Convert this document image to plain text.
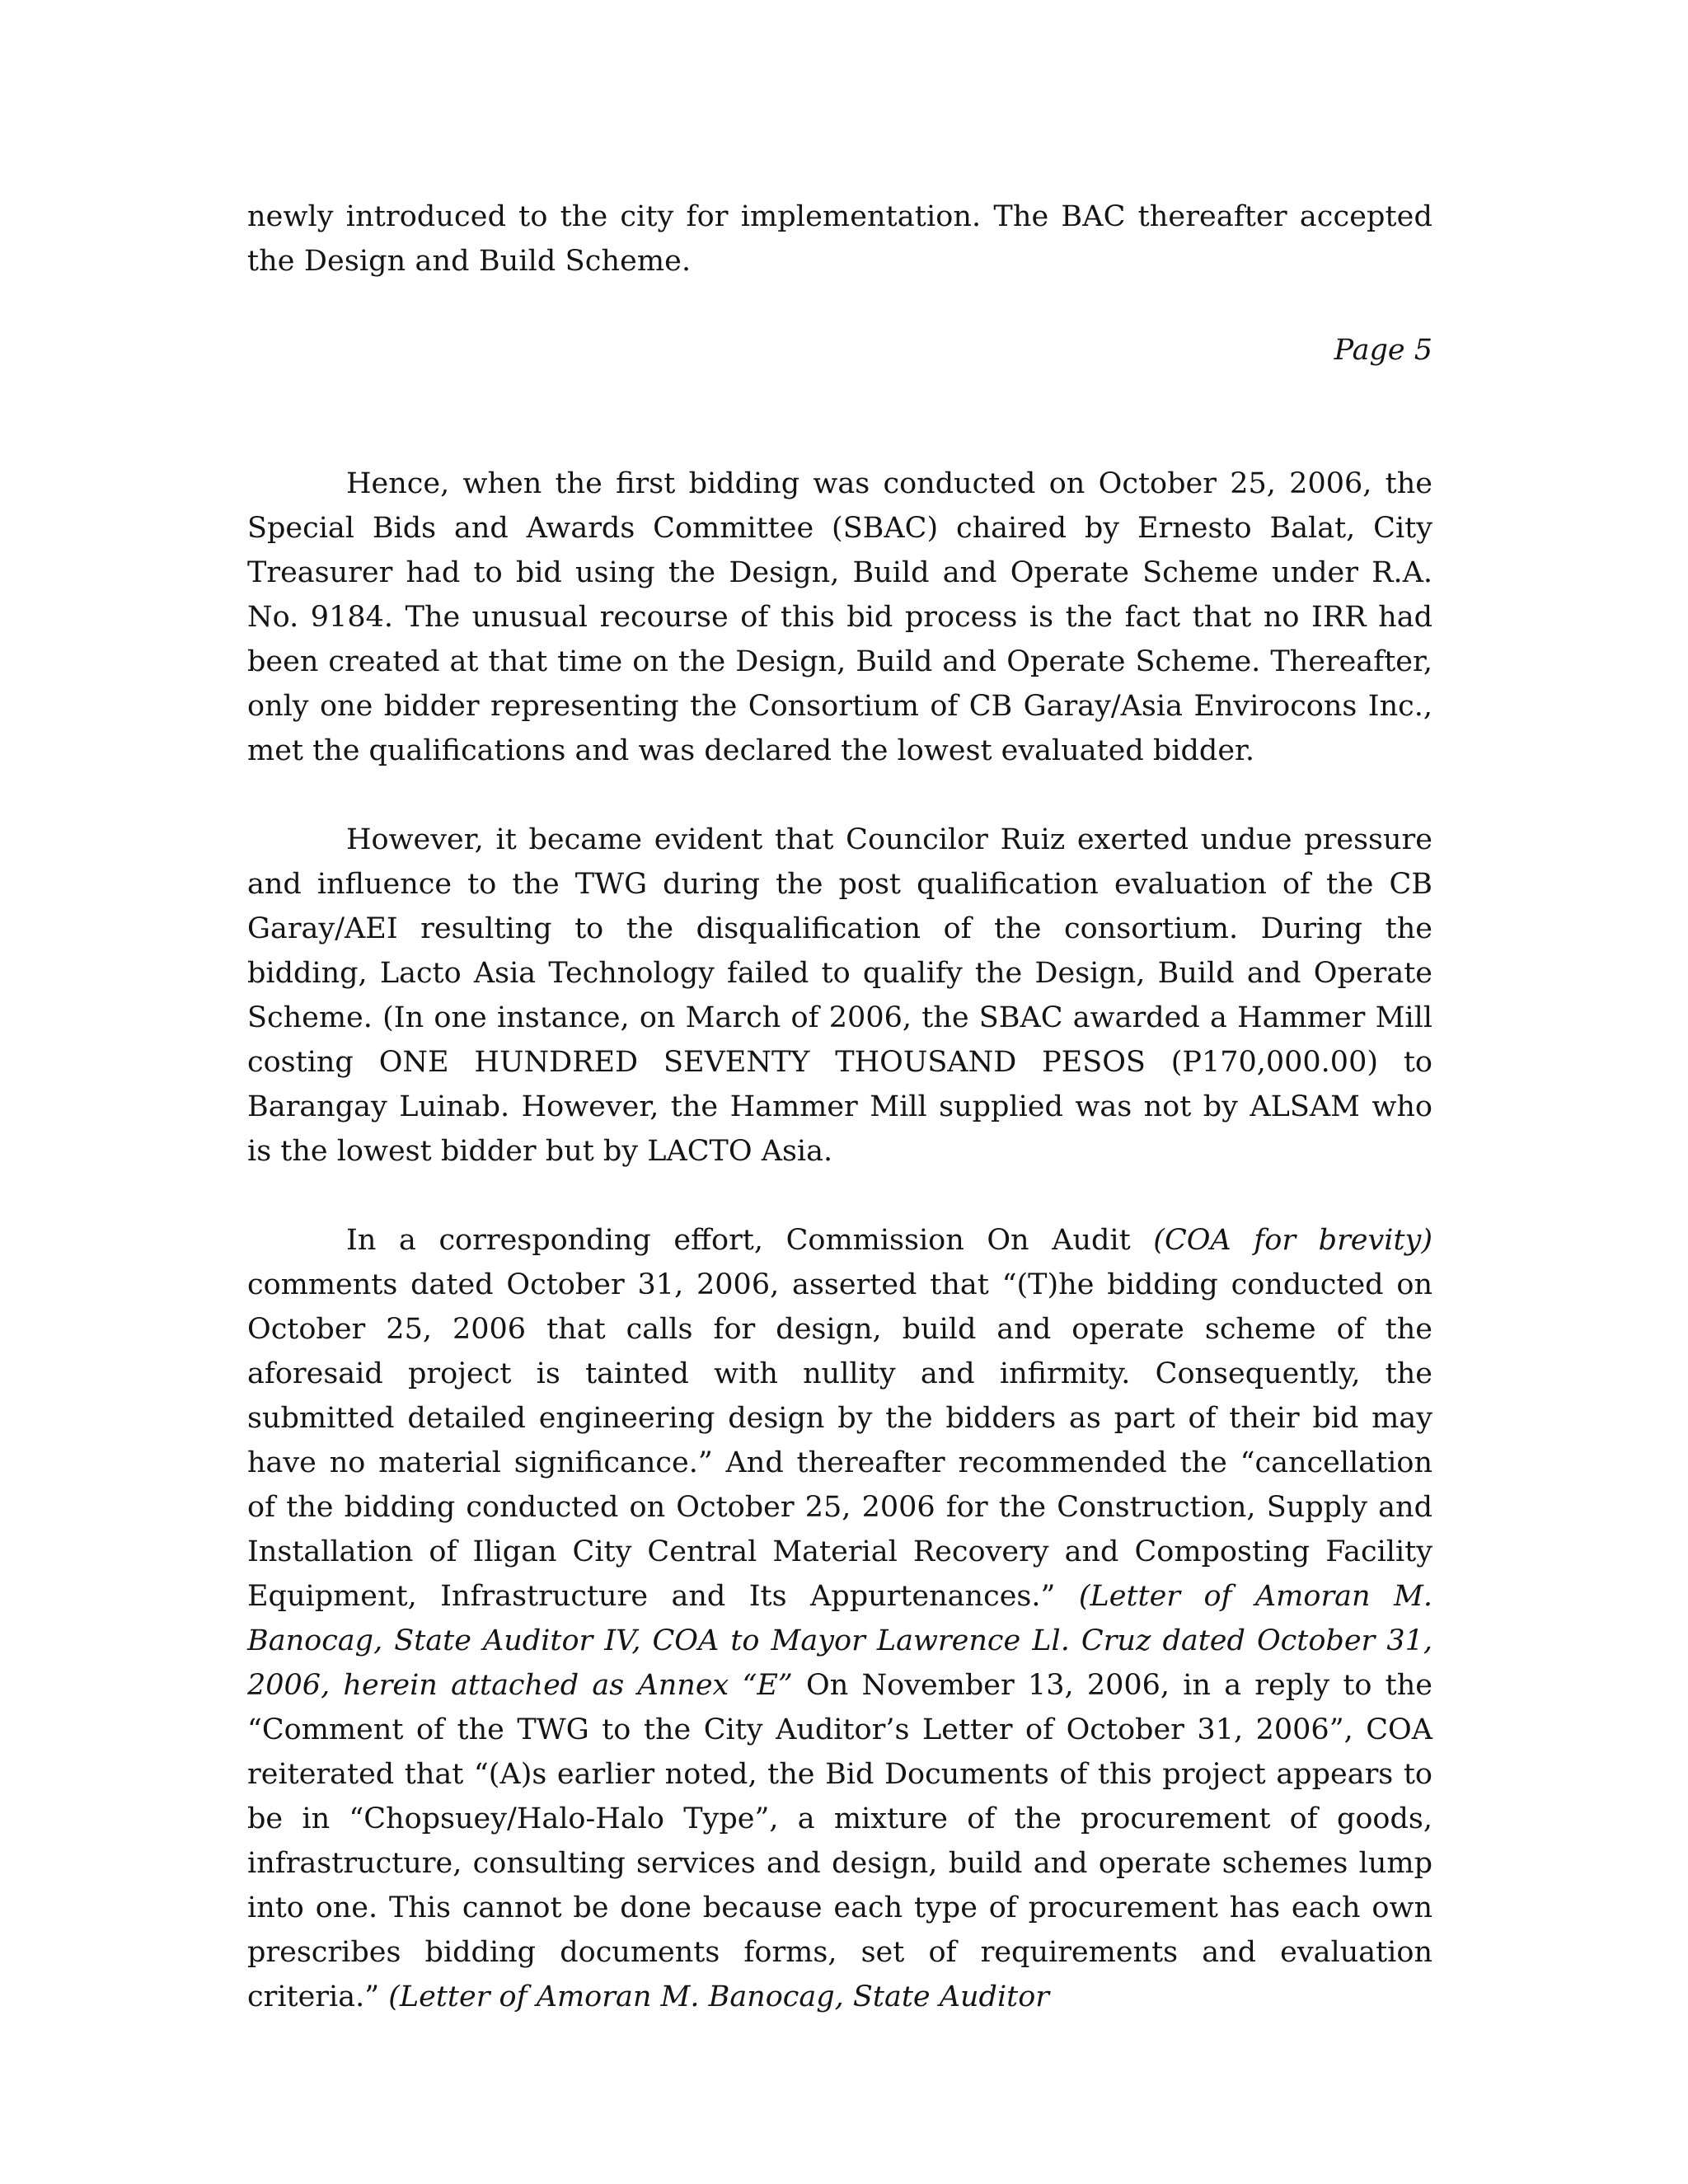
newly introduced to the city for implementation. The BAC thereafter accepted the Design and Build Scheme.
Page 5

Hence, when the first bidding was conducted on October 25, 2006, the Special Bids and Awards Committee (SBAC) chaired by Ernesto Balat, City Treasurer had to bid using the Design, Build and Operate Scheme under R.A. No. 9184. The unusual recourse of this bid process is the fact that no IRR had been created at that time on the Design, Build and Operate Scheme. Thereafter, only one bidder representing the Consortium of CB Garay/Asia Envirocons Inc., met the qualifications and was declared the lowest evaluated bidder.

However, it became evident that Councilor Ruiz exerted undue pressure and influence to the TWG during the post qualification evaluation of the CB Garay/AEI resulting to the disqualification of the consortium. During the bidding, Lacto Asia Technology failed to qualify the Design, Build and Operate Scheme. (In one instance, on March of 2006, the SBAC awarded a Hammer Mill costing ONE HUNDRED SEVENTY THOUSAND PESOS (P170,000.00) to Barangay Luinab. However, the Hammer Mill supplied was not by ALSAM who is the lowest bidder but by LACTO Asia.

In a corresponding effort, Commission On Audit (COA for brevity) comments dated October 31, 2006, asserted that “(T)he bidding conducted on October 25, 2006 that calls for design, build and operate scheme of the aforesaid project is tainted with nullity and infirmity. Consequently, the submitted detailed engineering design by the bidders as part of their bid may have no material significance.” And thereafter recommended the “cancellation of the bidding conducted on October 25, 2006 for the Construction, Supply and Installation of Iligan City Central Material Recovery and Composting Facility Equipment, Infrastructure and Its Appurtenances.” (Letter of Amoran M. Banocag, State Auditor IV, COA to Mayor Lawrence Ll. Cruz dated October 31, 2006, herein attached as Annex “E” On November 13, 2006, in a reply to the “Comment of the TWG to the City Auditor’s Letter of October 31, 2006”, COA reiterated that “(A)s earlier noted, the Bid Documents of this project appears to be in “Chopsuey/Halo-Halo Type”, a mixture of the procurement of goods, infrastructure, consulting services and design, build and operate schemes lump into one. This cannot be done because each type of procurement has each own prescribes bidding documents forms, set of requirements and evaluation criteria.” (Letter of Amoran M. Banocag, State Auditor
